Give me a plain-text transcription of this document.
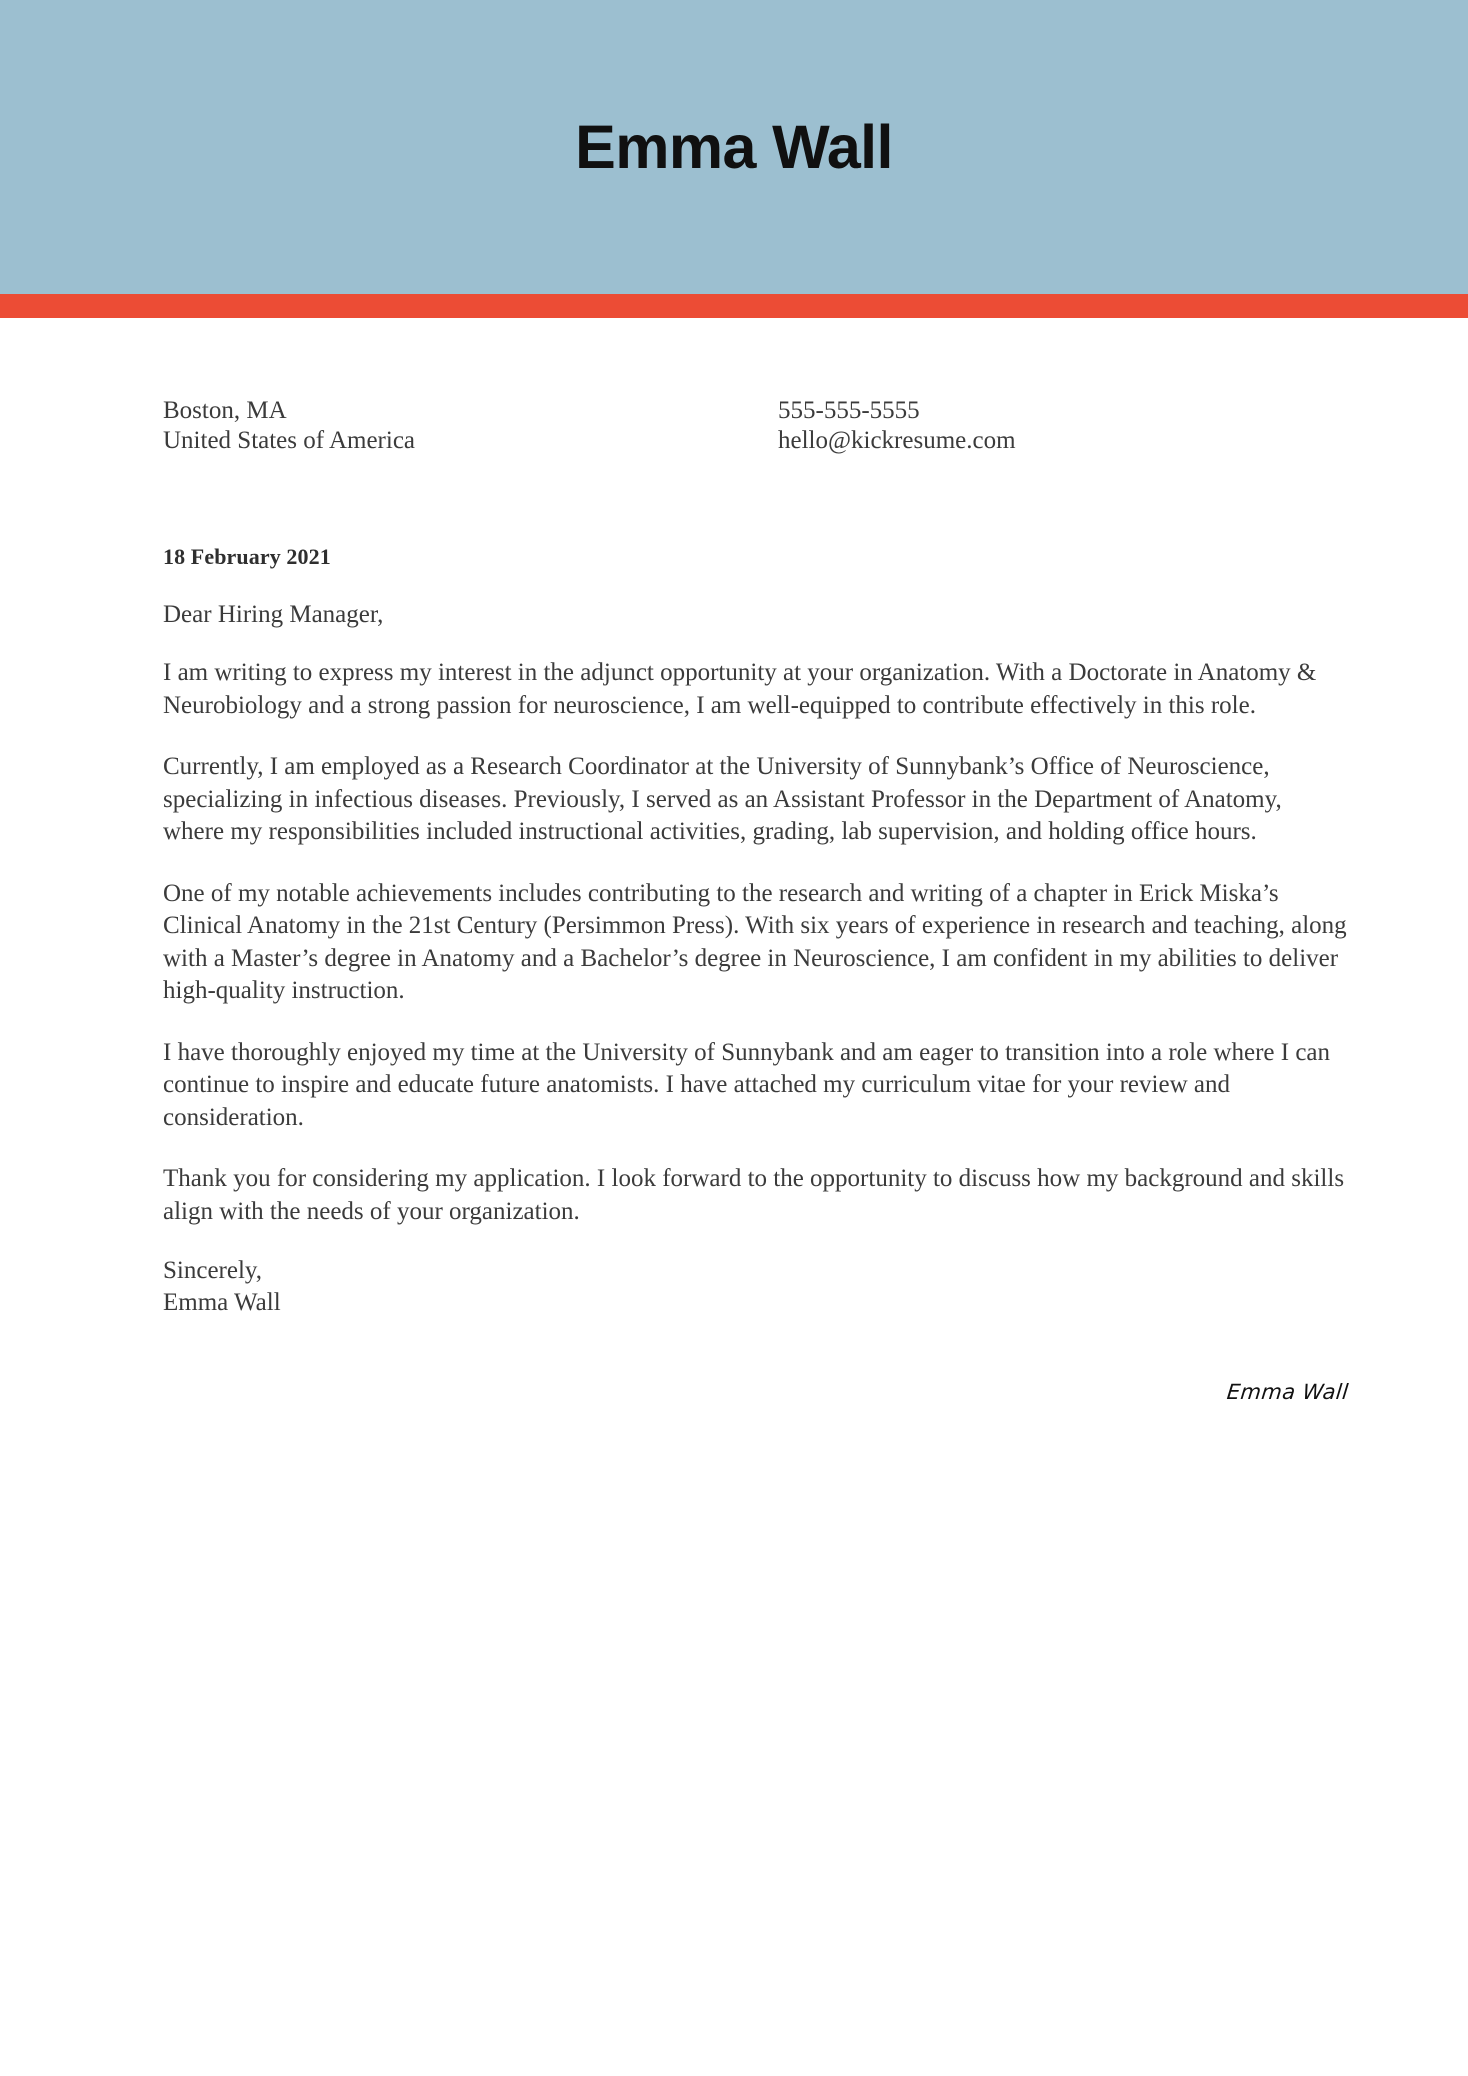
Emma Wall
Boston, MA
United States of America
555-555-5555
hello@kickresume.com
18 February 2021
Dear Hiring Manager,

I am writing to express my interest in the adjunct opportunity at your organization. With a Doctorate in Anatomy & Neurobiology and a strong passion for neuroscience, I am well-equipped to contribute effectively in this role.

Currently, I am employed as a Research Coordinator at the University of Sunnybank’s Office of Neuroscience, specializing in infectious diseases. Previously, I served as an Assistant Professor in the Department of Anatomy, where my responsibilities included instructional activities, grading, lab supervision, and holding office hours.

One of my notable achievements includes contributing to the research and writing of a chapter in Erick Miska’s Clinical Anatomy in the 21st Century (Persimmon Press). With six years of experience in research and teaching, along with a Master’s degree in Anatomy and a Bachelor’s degree in Neuroscience, I am confident in my abilities to deliver high-quality instruction.

I have thoroughly enjoyed my time at the University of Sunnybank and am eager to transition into a role where I can continue to inspire and educate future anatomists. I have attached my curriculum vitae for your review and consideration.

Thank you for considering my application. I look forward to the opportunity to discuss how my background and skills align with the needs of your organization.

Sincerely,
Emma Wall
Emma Wall
